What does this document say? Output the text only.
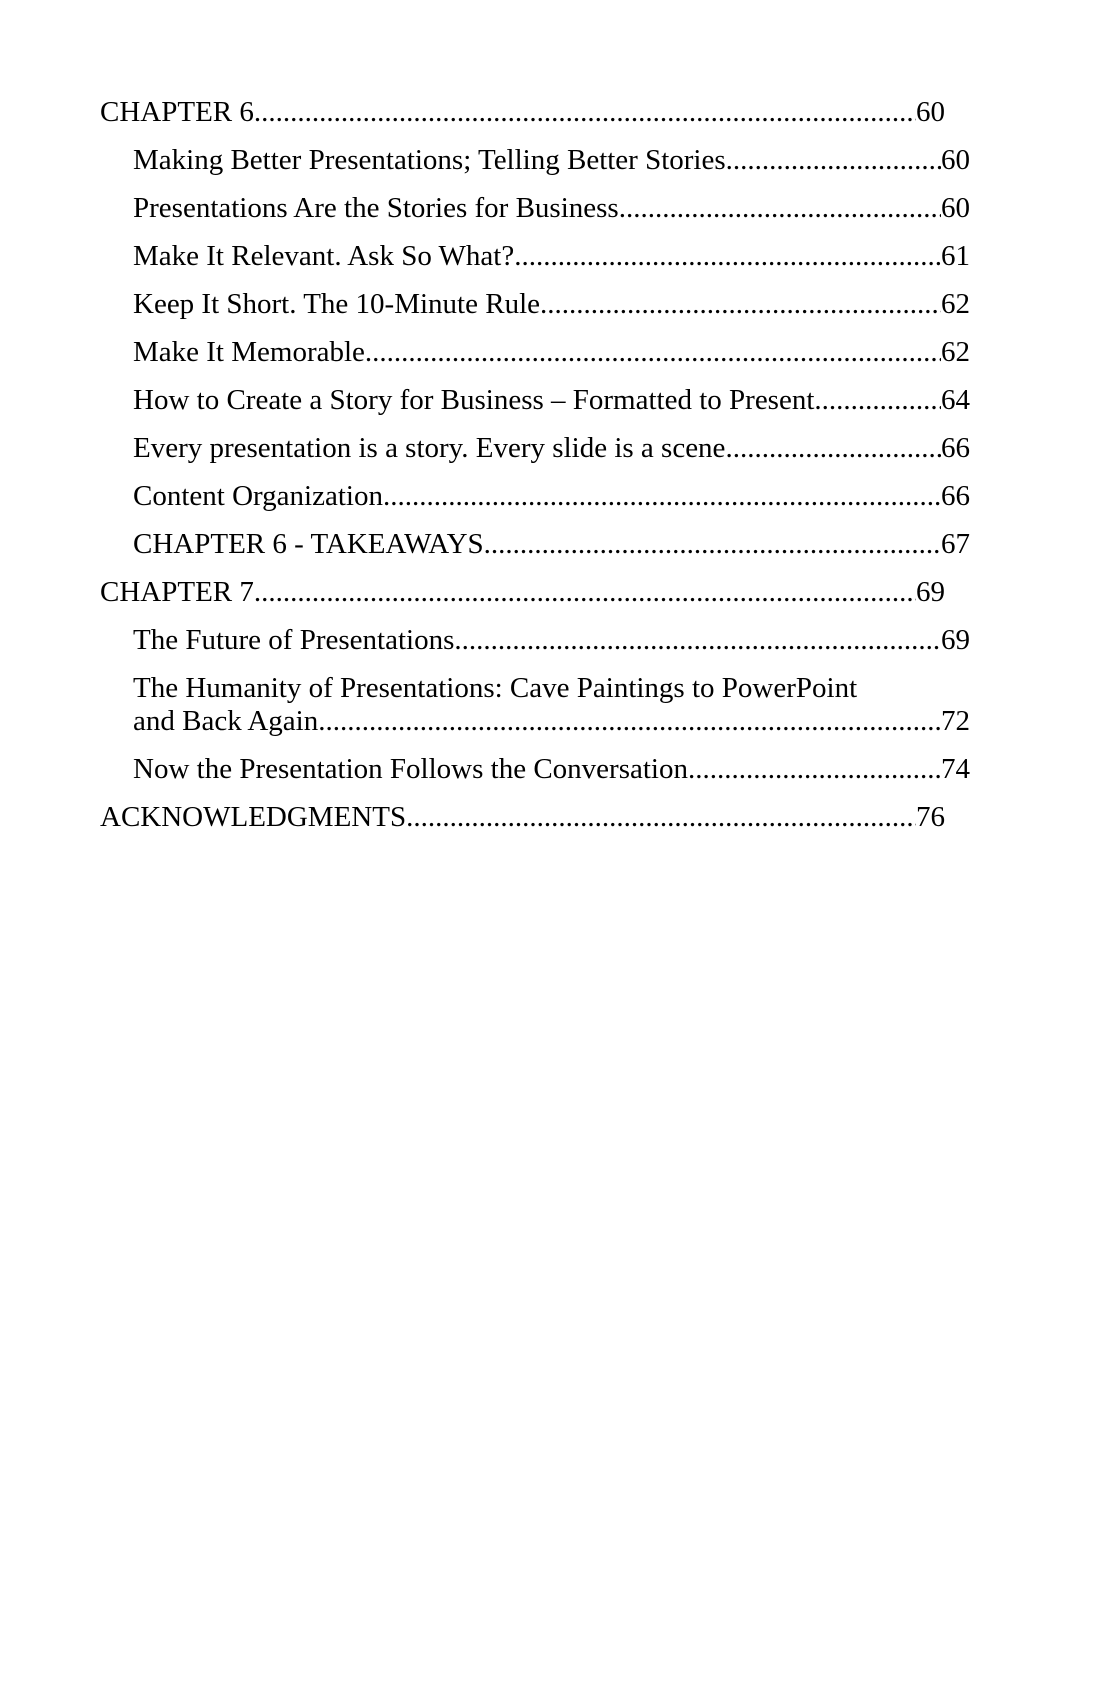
CHAPTER 6 .....	60
Making Better Presentations; Telling Better Stories .....	60
Presentations Are the Stories for Business .....	60
Make It Relevant. Ask So What? .....	61
Keep It Short. The 10-Minute Rule. .....	62
Make It Memorable .....	62
How to Create a Story for Business – Formatted to Present .....	64
Every presentation is a story. Every slide is a scene .....	66
Content Organization .....	66
CHAPTER 6 - TAKEAWAYS .....	67
CHAPTER 7 .....	69
The Future of Presentations .....	69
The Humanity of Presentations: Cave Paintings to PowerPoint
and Back Again .....	72
Now the Presentation Follows the Conversation .....	74
ACKNOWLEDGMENTS .....	76
